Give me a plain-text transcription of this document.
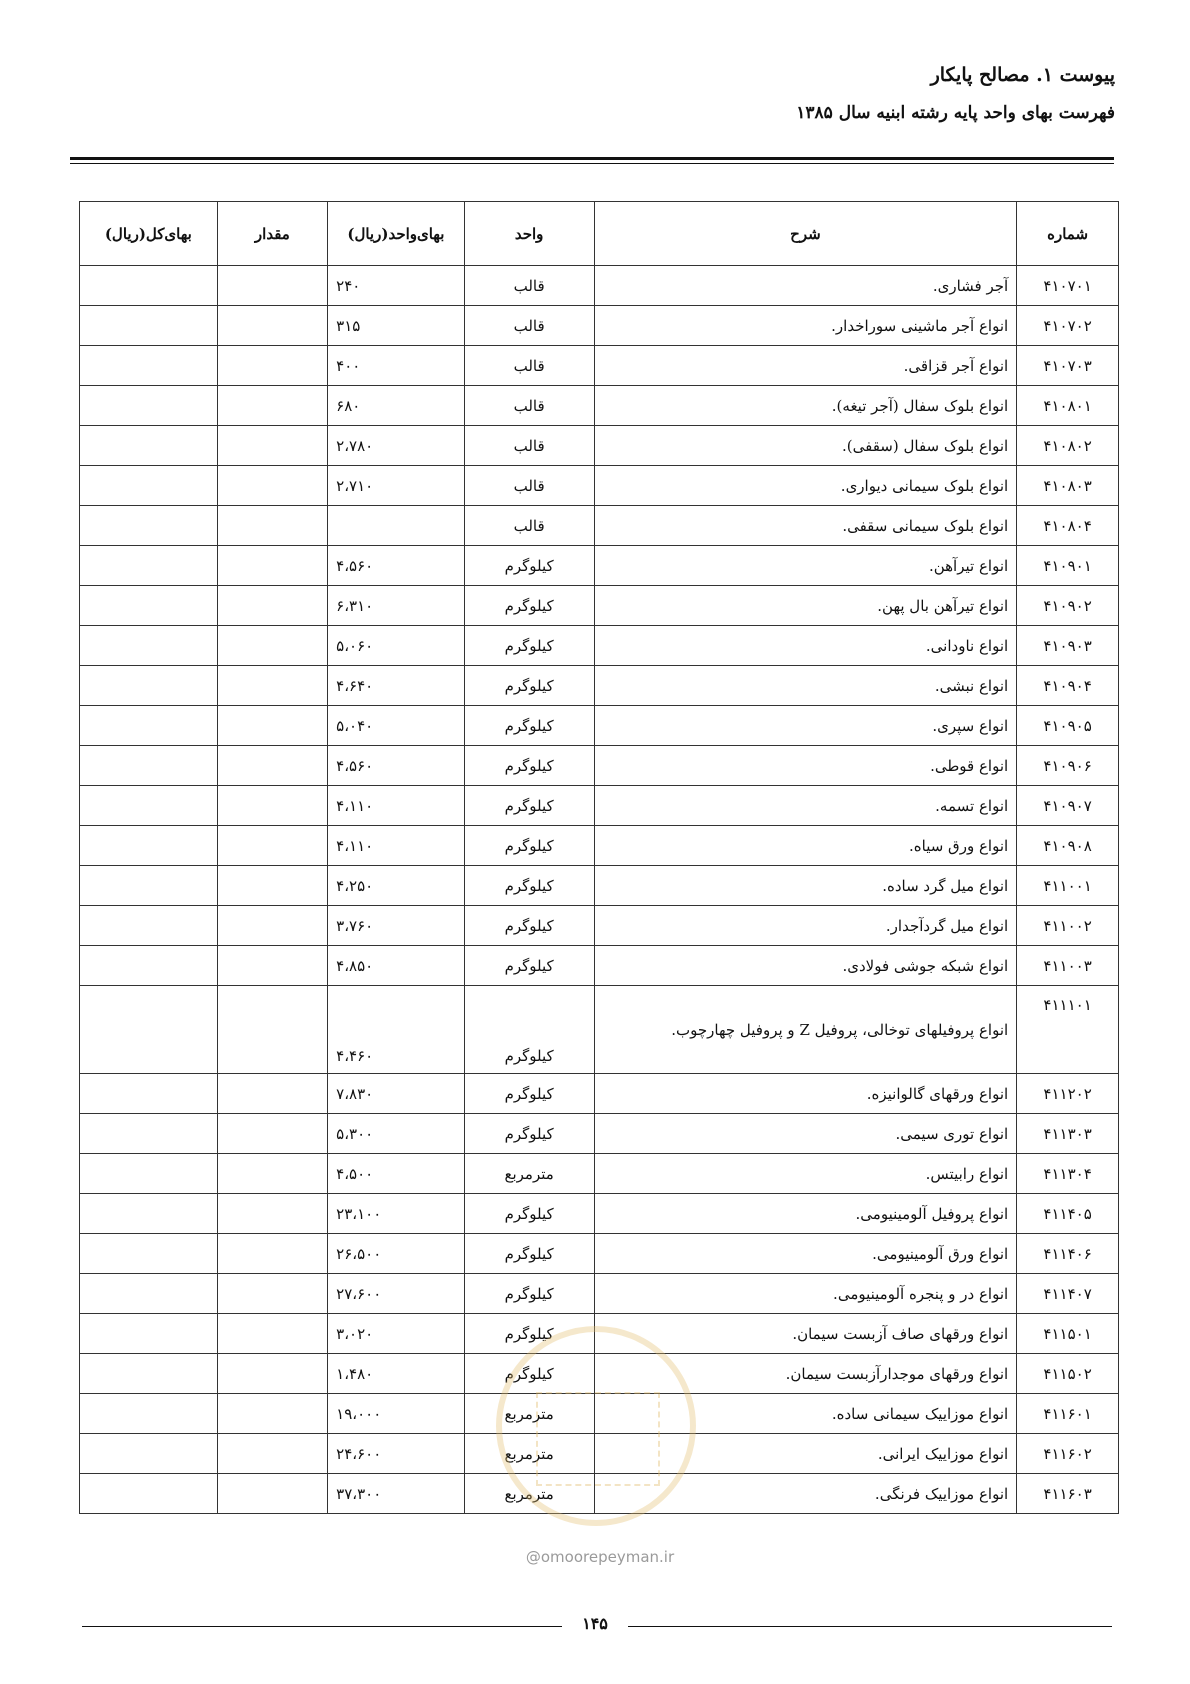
پیوست ۱. مصالح پایکار
فهرست بهای واحد پایه رشته ابنیه سال ۱۳۸۵
شماره	شرح	واحد	بهای‌واحد(ریال)	مقدار	بهای‌کل(ریال)
۴۱۰۷۰۱	آجر فشاری.	قالب	۲۴۰		
۴۱۰۷۰۲	انواع آجر ماشینی سوراخدار.	قالب	۳۱۵		
۴۱۰۷۰۳	انواع آجر قزاقی.	قالب	۴۰۰		
۴۱۰۸۰۱	انواع بلوک سفال (آجر تیغه).	قالب	۶۸۰		
۴۱۰۸۰۲	انواع بلوک سفال (سقفی).	قالب	۲،۷۸۰		
۴۱۰۸۰۳	انواع بلوک سیمانی دیواری.	قالب	۲،۷۱۰		
۴۱۰۸۰۴	انواع بلوک سیمانی سقفی.	قالب			
۴۱۰۹۰۱	انواع تیرآهن.	کیلوگرم	۴،۵۶۰		
۴۱۰۹۰۲	انواع تیرآهن بال پهن.	کیلوگرم	۶،۳۱۰		
۴۱۰۹۰۳	انواع ناودانی.	کیلوگرم	۵،۰۶۰		
۴۱۰۹۰۴	انواع نبشی.	کیلوگرم	۴،۶۴۰		
۴۱۰۹۰۵	انواع سپری.	کیلوگرم	۵،۰۴۰		
۴۱۰۹۰۶	انواع قوطی.	کیلوگرم	۴،۵۶۰		
۴۱۰۹۰۷	انواع تسمه.	کیلوگرم	۴،۱۱۰		
۴۱۰۹۰۸	انواع ورق سیاه.	کیلوگرم	۴،۱۱۰		
۴۱۱۰۰۱	انواع میل گرد ساده.	کیلوگرم	۴،۲۵۰		
۴۱۱۰۰۲	انواع میل گردآجدار.	کیلوگرم	۳،۷۶۰		
۴۱۱۰۰۳	انواع شبکه جوشی فولادی.	کیلوگرم	۴،۸۵۰		
۴۱۱۱۰۱	انواع پروفیلهای توخالی، پروفیل Z و پروفیل چهارچوب.	کیلوگرم	۴،۴۶۰		
۴۱۱۲۰۲	انواع ورقهای گالوانیزه.	کیلوگرم	۷،۸۳۰		
۴۱۱۳۰۳	انواع توری سیمی.	کیلوگرم	۵،۳۰۰		
۴۱۱۳۰۴	انواع رابیتس.	مترمربع	۴،۵۰۰		
۴۱۱۴۰۵	انواع پروفیل آلومینیومی.	کیلوگرم	۲۳،۱۰۰		
۴۱۱۴۰۶	انواع ورق آلومینیومی.	کیلوگرم	۲۶،۵۰۰		
۴۱۱۴۰۷	انواع در و پنجره آلومینیومی.	کیلوگرم	۲۷،۶۰۰		
۴۱۱۵۰۱	انواع ورقهای صاف آزبست سیمان.	کیلوگرم	۳،۰۲۰		
۴۱۱۵۰۲	انواع ورقهای موجدارآزبست سیمان.	کیلوگرم	۱،۴۸۰		
۴۱۱۶۰۱	انواع موزاییک سیمانی ساده.	مترمربع	۱۹،۰۰۰		
۴۱۱۶۰۲	انواع موزاییک ایرانی.	مترمربع	۲۴،۶۰۰		
۴۱۱۶۰۳	انواع موزاییک فرنگی.	مترمربع	۳۷،۳۰۰		
@omoorepeyman.ir
۱۴۵
